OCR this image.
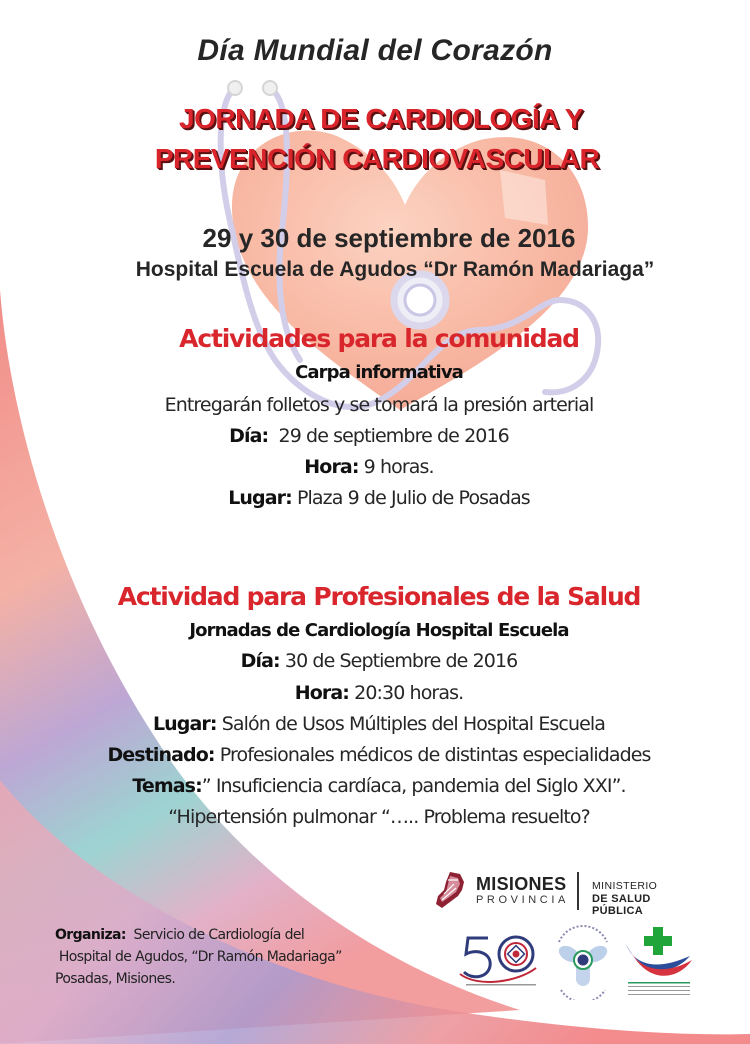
Día Mundial del Corazón
JORNADA DE CARDIOLOGÍA Y
PREVENCIÓN CARDIOVASCULAR
29 y 30 de septiembre de 2016
Hospital Escuela de Agudos “Dr Ramón Madariaga”
Actividades para la comunidad
Carpa informativa
Entregarán folletos y se tomará la presión arterial
Día:  29 de septiembre de 2016
Hora: 9 horas.
Lugar: Plaza 9 de Julio de Posadas
Actividad para Profesionales de la Salud
Jornadas de Cardiología Hospital Escuela
Día: 30 de Septiembre de 2016
Hora: 20:30 horas.
Lugar: Salón de Usos Múltiples del Hospital Escuela
Destinado: Profesionales médicos de distintas especialidades
Temas:” Insuficiencia cardíaca, pandemia del Siglo XXI”.
“Hipertensión pulmonar “….. Problema resuelto?
MISIONES
PROVINCIA
MINISTERIO
DE SALUD PÚBLICA
Organiza:  Servicio de Cardiología del
Hospital de Agudos, “Dr Ramón Madariaga”
Posadas, Misiones.
